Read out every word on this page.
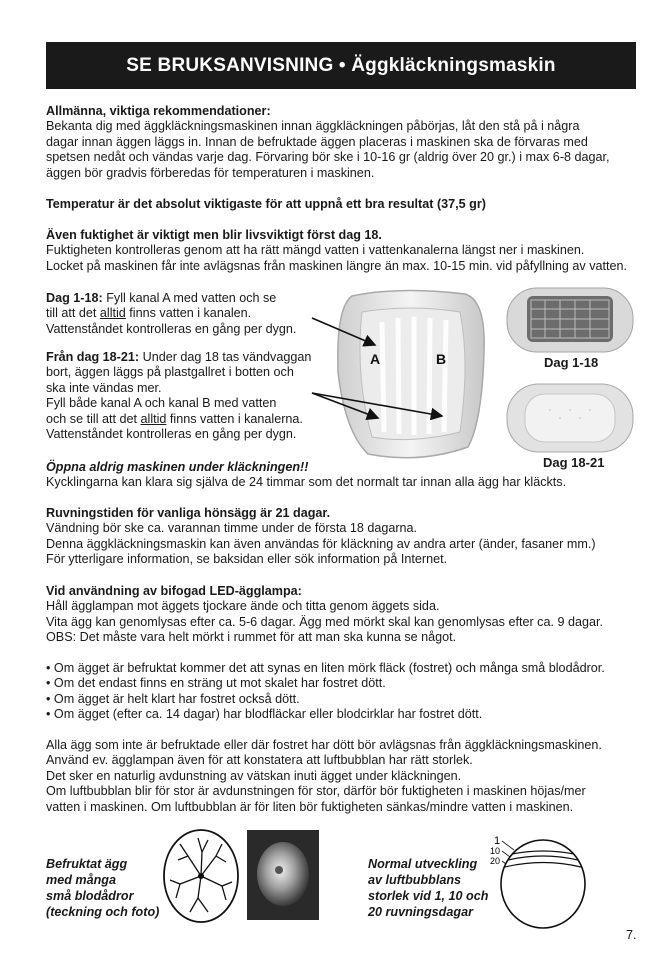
SE BRUKSANVISNING • Äggkläckningsmaskin
Allmänna, viktiga rekommendationer:
Bekanta dig med äggkläckningsmaskinen innan äggkläckningen påbörjas, låt den stå på i några
dagar innan äggen läggs in. Innan de befruktade äggen placeras i maskinen ska de förvaras med
spetsen nedåt och vändas varje dag. Förvaring bör ske i 10-16 gr (aldrig över 20 gr.) i max 6-8 dagar,
äggen bör gradvis förberedas för temperaturen i maskinen.
Temperatur är det absolut viktigaste för att uppnå ett bra resultat (37,5 gr)
Även fuktighet är viktigt men blir livsviktigt först dag 18.
Fuktigheten kontrolleras genom att ha rätt mängd vatten i vattenkanalerna längst ner i maskinen.
Locket på maskinen får inte avlägsnas från maskinen längre än max. 10-15 min. vid påfyllning av vatten.
Dag 1-18: Fyll kanal A med vatten och se
till att det alltid finns vatten i kanalen.
Vattenståndet kontrolleras en gång per dygn.
Från dag 18-21: Under dag 18 tas vändvaggan
bort, äggen läggs på plastgallret i botten och
ska inte vändas mer.
Fyll både kanal A och kanal B med vatten
och se till att det alltid finns vatten i kanalerna.
Vattenståndet kontrolleras en gång per dygn.
A	B	Dag 1-18
Dag 18-21
Öppna aldrig maskinen under kläckningen!!
Kycklingarna kan klara sig själva de 24 timmar som det normalt tar innan alla ägg har kläckts.
Ruvningstiden för vanliga hönsägg är 21 dagar.
Vändning bör ske ca. varannan timme under de första 18 dagarna.
Denna äggkläckningsmaskin kan även användas för kläckning av andra arter (änder, fasaner mm.)
För ytterligare information, se baksidan eller sök information på Internet.
Vid användning av bifogad LED-ägglampa:
Håll ägglampan mot äggets tjockare ände och titta genom äggets sida.
Vita ägg kan genomlysas efter ca. 5-6 dagar. Ägg med mörkt skal kan genomlysas efter ca. 9 dagar.
OBS: Det måste vara helt mörkt i rummet för att man ska kunna se något.
• Om ägget är befruktat kommer det att synas en liten mörk fläck (fostret) och många små blodådror.
• Om det endast finns en sträng ut mot skalet har fostret dött.
• Om ägget är helt klart har fostret också dött.
• Om ägget (efter ca. 14 dagar) har blodfläckar eller blodcirklar har fostret dött.
Alla ägg som inte är befruktade eller där fostret har dött bör avlägsnas från äggkläckningsmaskinen.
Använd ev. ägglampan även för att konstatera att luftbubblan har rätt storlek.
Det sker en naturlig avdunstning av vätskan inuti ägget under kläckningen.
Om luftbubblan blir för stor är avdunstningen för stor, därför bör fuktigheten i maskinen höjas/mer
vatten i maskinen. Om luftbubblan är för liten bör fuktigheten sänkas/mindre vatten i maskinen.
Befruktat ägg
med många
små blodådror
(teckning och foto)
Normal utveckling
av luftbubblans
storlek vid 1, 10 och
20 ruvningsdagar
1
10
20
7.
